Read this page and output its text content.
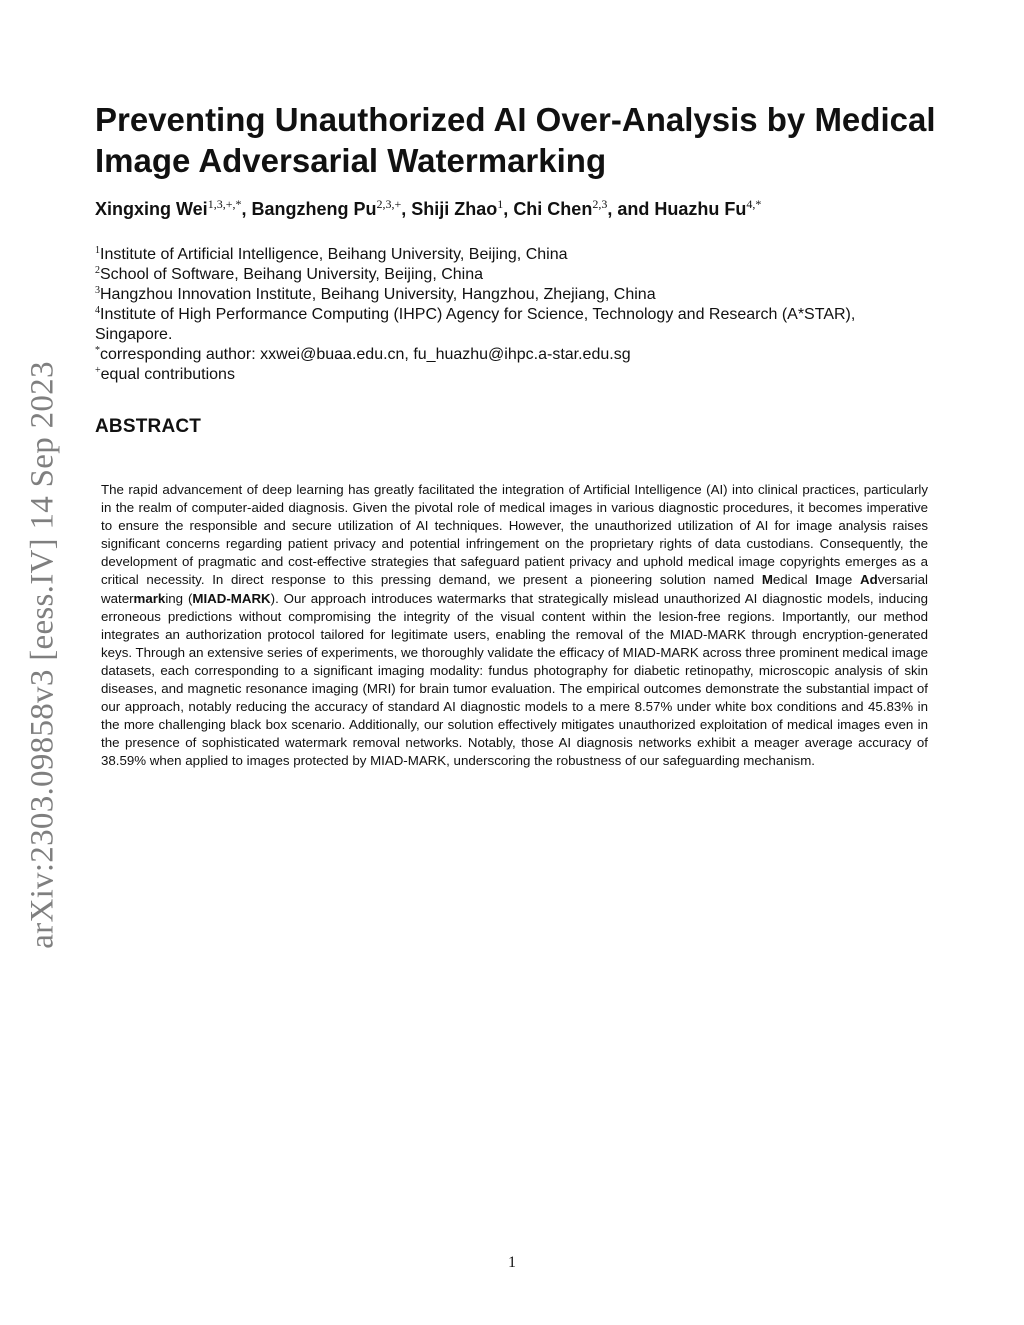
arXiv:2303.09858v3 [eess.IV] 14 Sep 2023
Preventing Unauthorized AI Over-Analysis by Medical Image Adversarial Watermarking
Xingxing Wei$^{1,3,+,*}$, Bangzheng $Pu^{2,3,+}$, Shiji Zhao$^1$, Chi Chen$^{2,3}$, and Huazhu $Fu^{4,*}$
$^1$Institute of Artificial Intelligence, Beihang University, Beijing, China
$^2$School of Software, Beihang University, Beijing, China
$^3$Hangzhou Innovation Institute, Beihang University, Hangzhou, Zhejiang, China
$^4$Institute of High Performance Computing (IHPC) Agency for Science, Technology and Research (A*STAR), Singapore.
*corresponding author: xxwei@buaa.edu.cn, fu_huazhu@ihpc.a-star.edu.sg
+equal contributions
ABSTRACT

The rapid advancement of deep learning has greatly facilitated the integration of Artificial Intelligence (AI) into clinical practices, particularly in the realm of computer-aided diagnosis. Given the pivotal role of medical images in various diagnostic procedures, it becomes imperative to ensure the responsible and secure utilization of AI techniques. However, the unauthorized utilization of AI for image analysis raises significant concerns regarding patient privacy and potential infringement on the proprietary rights of data custodians. Consequently, the development of pragmatic and cost-effective strategies that safeguard patient privacy and uphold medical image copyrights emerges as a critical necessity. In direct response to this pressing demand, we present a pioneering solution named Medical Image Adversarial watermarking (MIAD-MARK). Our approach introduces watermarks that strategically mislead unauthorized AI diagnostic models, inducing erroneous predictions without compromising the integrity of the visual content within the lesion-free regions. Importantly, our method integrates an authorization protocol tailored for legitimate users, enabling the removal of the MIAD-MARK through encryption-generated keys. Through an extensive series of experiments, we thoroughly validate the efficacy of MIAD-MARK across three prominent medical image datasets, each corresponding to a significant imaging modality: fundus photography for diabetic retinopathy, microscopic analysis of skin diseases, and magnetic resonance imaging (MRI) for brain tumor evaluation. The empirical outcomes demonstrate the substantial impact of our approach, notably reducing the accuracy of standard AI diagnostic models to a mere 8.57% under white box conditions and 45.83% in the more challenging black box scenario. Additionally, our solution effectively mitigates unauthorized exploitation of medical images even in the presence of sophisticated watermark removal networks. Notably, those AI diagnosis networks exhibit a meager average accuracy of 38.59% when applied to images protected by MIAD-MARK, underscoring the robustness of our safeguarding mechanism.

1
